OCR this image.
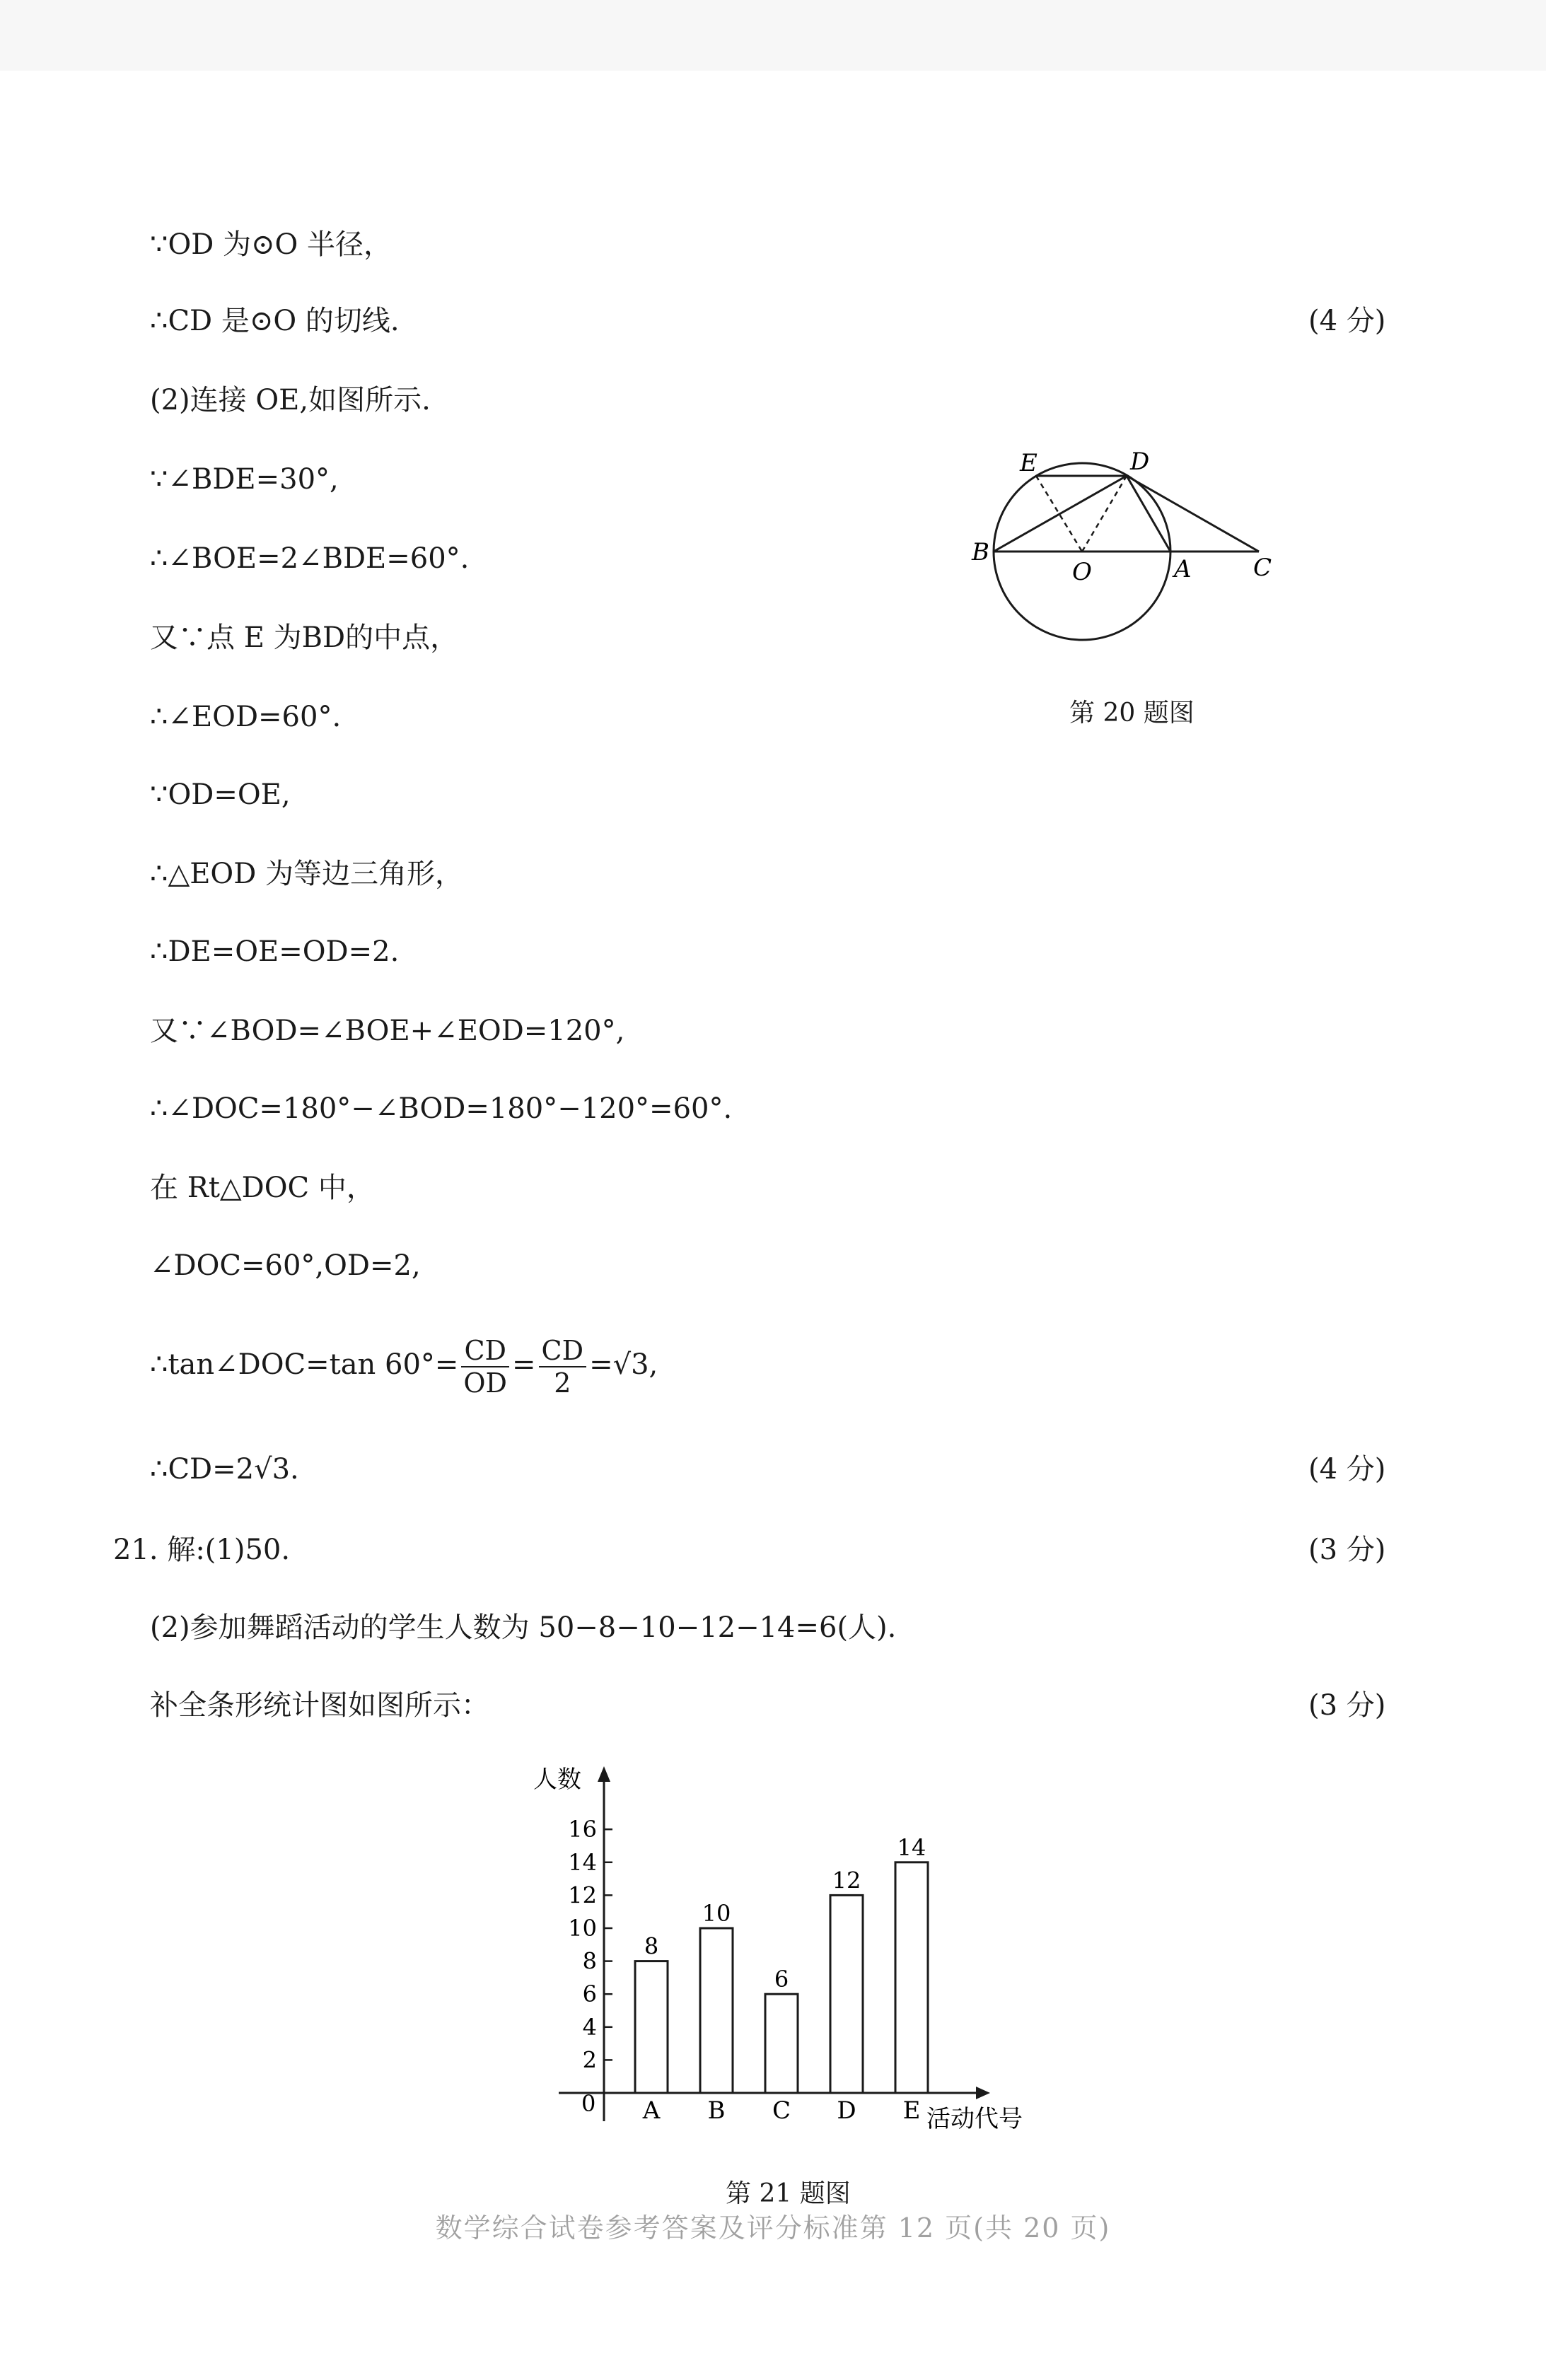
∵OD 为⊙O 半径，
∴CD 是⊙O 的切线.	(4 分)
(2)连接 OE,如图所示.
∵∠BDE=30°,
∴∠BOE=2∠BDE=60°.
又∵点 E 为BD的中点，
∴∠EOD=60°.
∵OD=OE,
∴△EOD 为等边三角形，
∴DE=OE=OD=2.
又∵∠BOD=∠BOE+∠EOD=120°,
∴∠DOC=180°−∠BOD=180°−120°=60°.
在 Rt△DOC 中，
∠DOC=60°,OD=2,
∴tan∠DOC=tan $60^\circ= \frac{CD}{OD} = \frac{CD}{2} =√3$,
∴CD=2√3.	(4 分)
21. 解:(1)50.	(3 分)
(2)参加舞蹈活动的学生人数为 50−8−10−12−14=6(人).
补全条形统计图如图所示：	(3 分)
E	D
B
O	A	C
第 20 题图
人数
活动代号
0
2
4
6
8
10
12
14
16
8
A
10
B
6
C
12
D
14
E
第 21 题图
数学综合试卷参考答案及评分标准第 12 页(共 20 页)
